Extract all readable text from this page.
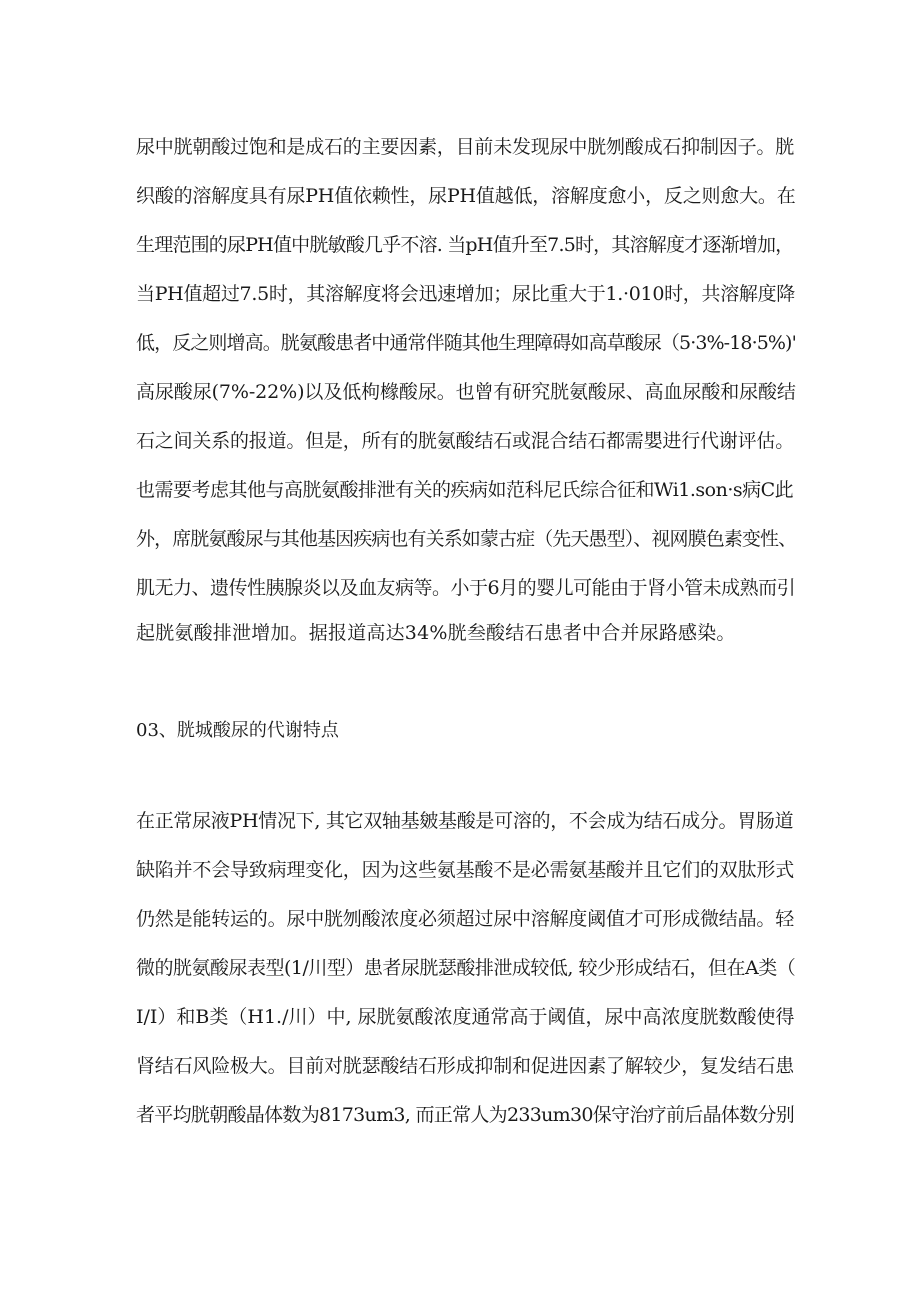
尿中胱朝酸过饱和是成石的主要因素，目前未发现尿中胱刎酸成石抑制因子。胱
织酸的溶解度具有尿PH值依赖性，尿PH值越低，溶解度愈小，反之则愈大。在
生理范围的尿PH值中胱敏酸几乎不溶. 当pH值升至7.5时，其溶解度才逐渐增加，
当PH值超过7.5时，其溶解度将会迅速增加；尿比重大于1.·010时，共溶解度降
低，反之则增高。胱氨酸患者中通常伴随其他生理障碍如高草酸尿（5·3%-18·5%)'
高尿酸尿(7%-22%)以及低枸橼酸尿。也曾有研究胱氨酸尿、高血尿酸和尿酸结
石之间关系的报道。但是，所有的胱氨酸结石或混合结石都需嬰进行代谢评估。
也需要考虑其他与高胱氨酸排泄有关的疾病如范科尼氏综合征和Wi1.son·s病C此
外，席胱氨酸尿与其他基因疾病也有关系如蒙古症（先天愚型）、视网膜色素变性、
肌无力、遗传性胰腺炎以及血友病等。小于6月的婴儿可能由于肾小管未成熟而引
起胱氨酸排泄增加。据报道高达34%胱叁酸结石患者中合并尿路感染。
03、胱城酸尿的代谢特点
在正常尿液PH情况下, 其它双轴基皴基酸是可溶的，不会成为结石成分。胃肠道
缺陷并不会导致病理变化，因为这些氨基酸不是必需氨基酸并且它们的双肽形式
仍然是能转运的。尿中胱刎酸浓度必须超过尿中溶解度阈值才可形成微结晶。轻
微的胱氨酸尿表型(1/川型）患者尿胱瑟酸排泄成较低, 较少形成结石，但在A类（
I/I）和B类（H1./川）中, 尿胱氨酸浓度通常高于阈值，尿中高浓度胱数酸使得
肾结石风险极大。目前对胱瑟酸结石形成抑制和促进因素了解较少，复发结石患
者平均胱朝酸晶体数为8173um3, 而正常人为233um30保守治疗前后晶体数分别
